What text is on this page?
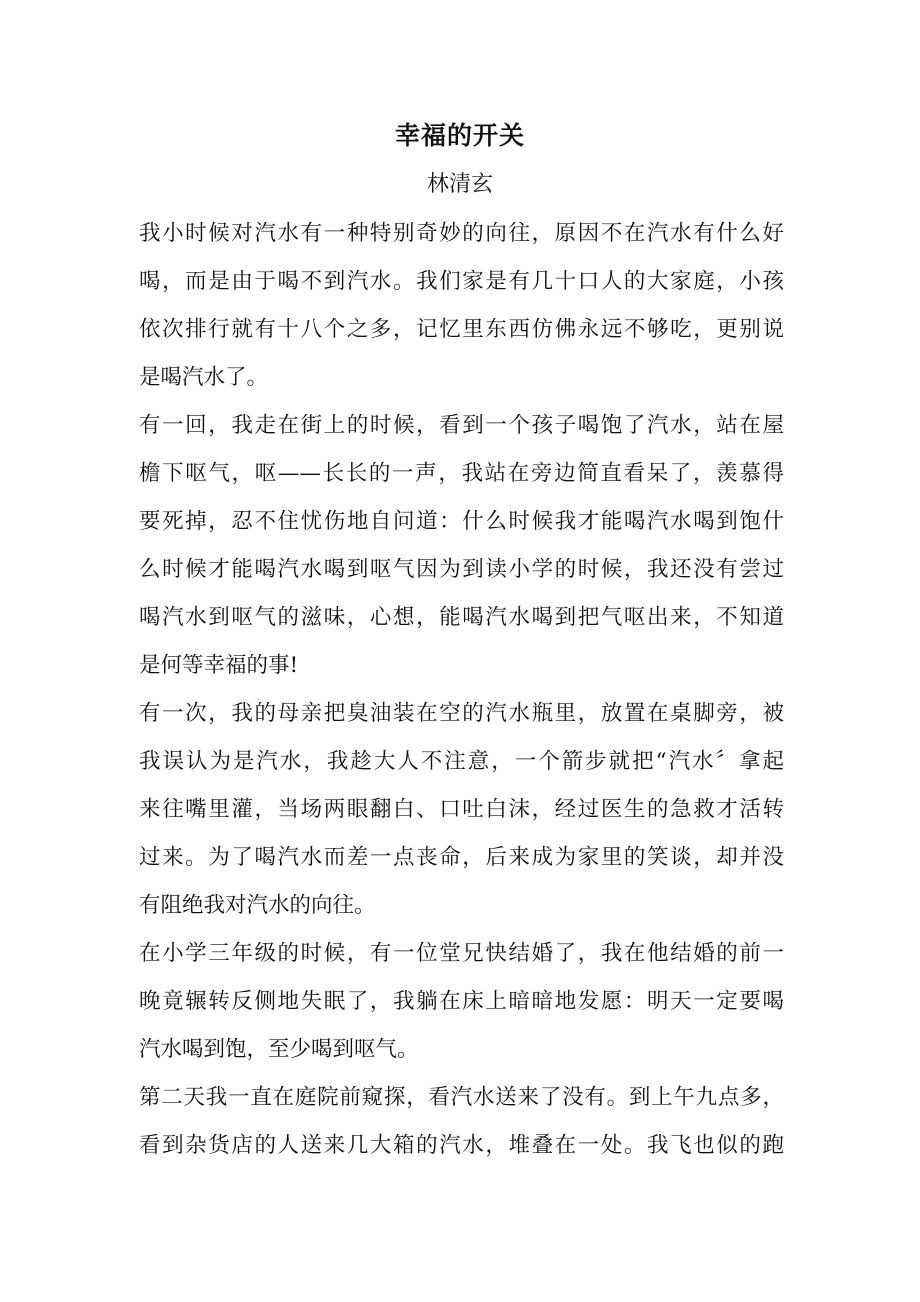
幸福的开关
林清玄
我小时候对汽水有一种特别奇妙的向往，原因不在汽水有什么好
喝，而是由于喝不到汽水。我们家是有几十口人的大家庭，小孩
依次排行就有十八个之多，记忆里东西仿佛永远不够吃，更别说
是喝汽水了。
有一回，我走在街上的时候，看到一个孩子喝饱了汽水，站在屋
檐下呕气，呕——长长的一声，我站在旁边简直看呆了，羡慕得
要死掉，忍不住忧伤地自问道：什么时候我才能喝汽水喝到饱什
么时候才能喝汽水喝到呕气因为到读小学的时候，我还没有尝过
喝汽水到呕气的滋味，心想，能喝汽水喝到把气呕出来，不知道
是何等幸福的事!
有一次，我的母亲把臭油装在空的汽水瓶里，放置在桌脚旁，被
我误认为是汽水，我趁大人不注意，一个箭步就把“汽水〞拿起
来往嘴里灌，当场两眼翻白、口吐白沫，经过医生的急救才活转
过来。为了喝汽水而差一点丧命，后来成为家里的笑谈，却并没
有阻绝我对汽水的向往。
在小学三年级的时候，有一位堂兄快结婚了，我在他结婚的前一
晚竟辗转反侧地失眠了，我躺在床上暗暗地发愿：明天一定要喝
汽水喝到饱，至少喝到呕气。
第二天我一直在庭院前窥探，看汽水送来了没有。到上午九点多，
看到杂货店的人送来几大箱的汽水，堆叠在一处。我飞也似的跑
